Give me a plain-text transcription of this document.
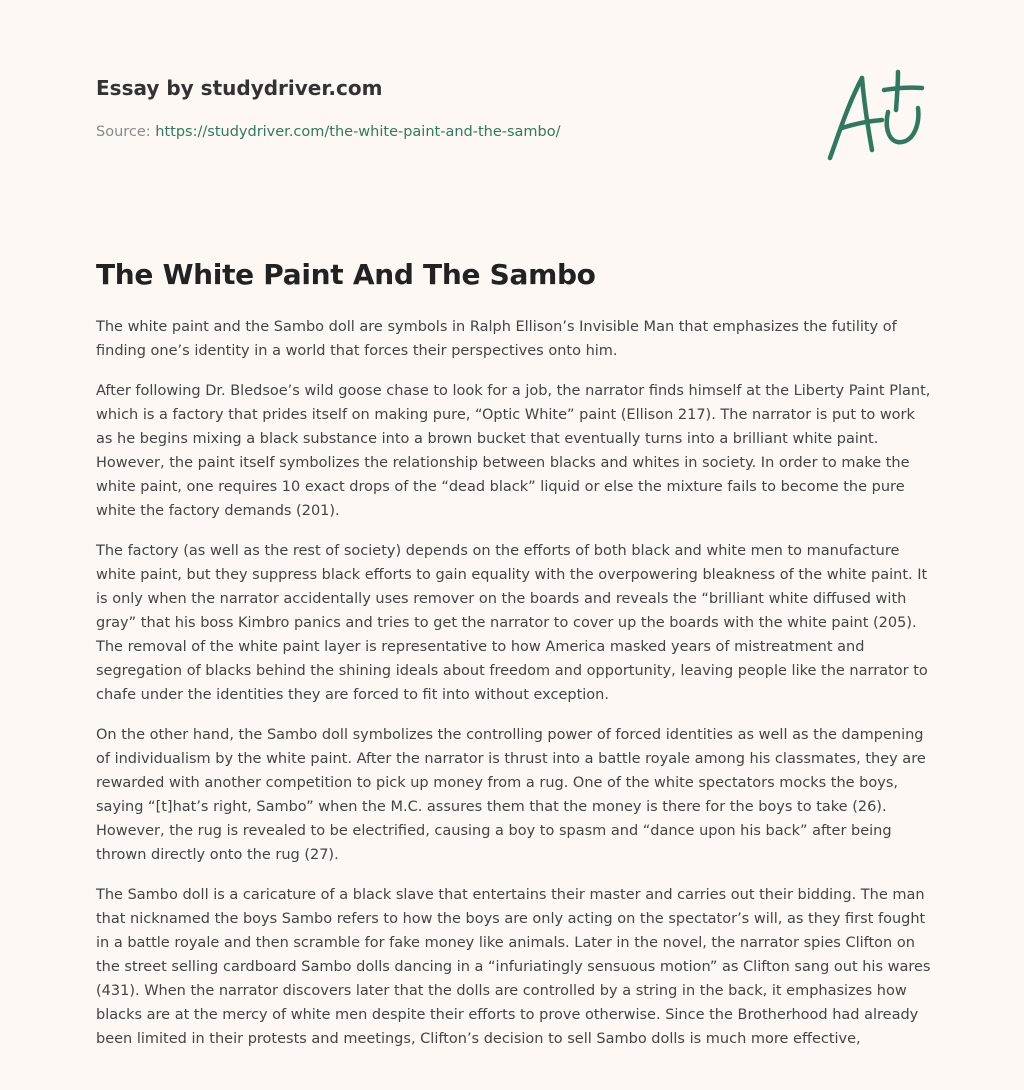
Essay by studydriver.com
Source: https://studydriver.com/the-white-paint-and-the-sambo/
The White Paint And The Sambo

The white paint and the Sambo doll are symbols in Ralph Ellison’s Invisible Man that emphasizes the futility of finding one’s identity in a world that forces their perspectives onto him.

After following Dr. Bledsoe’s wild goose chase to look for a job, the narrator finds himself at the Liberty Paint Plant, which is a factory that prides itself on making pure, “Optic White” paint (Ellison 217). The narrator is put to work as he begins mixing a black substance into a brown bucket that eventually turns into a brilliant white paint. However, the paint itself symbolizes the relationship between blacks and whites in society. In order to make the white paint, one requires 10 exact drops of the “dead black” liquid or else the mixture fails to become the pure white the factory demands (201).

The factory (as well as the rest of society) depends on the efforts of both black and white men to manufacture white paint, but they suppress black efforts to gain equality with the overpowering bleakness of the white paint. It is only when the narrator accidentally uses remover on the boards and reveals the “brilliant white diffused with gray” that his boss Kimbro panics and tries to get the narrator to cover up the boards with the white paint (205). The removal of the white paint layer is representative to how America masked years of mistreatment and segregation of blacks behind the shining ideals about freedom and opportunity, leaving people like the narrator to chafe under the identities they are forced to fit into without exception.

On the other hand, the Sambo doll symbolizes the controlling power of forced identities as well as the dampening of individualism by the white paint. After the narrator is thrust into a battle royale among his classmates, they are rewarded with another competition to pick up money from a rug. One of the white spectators mocks the boys, saying “[t]hat’s right, Sambo” when the M.C. assures them that the money is there for the boys to take (26). However, the rug is revealed to be electrified, causing a boy to spasm and “dance upon his back” after being thrown directly onto the rug (27).

The Sambo doll is a caricature of a black slave that entertains their master and carries out their bidding. The man that nicknamed the boys Sambo refers to how the boys are only acting on the spectator’s will, as they first fought in a battle royale and then scramble for fake money like animals. Later in the novel, the narrator spies Clifton on the street selling cardboard Sambo dolls dancing in a “infuriatingly sensuous motion” as Clifton sang out his wares (431). When the narrator discovers later that the dolls are controlled by a string in the back, it emphasizes how blacks are at the mercy of white men despite their efforts to prove otherwise. Since the Brotherhood had already been limited in their protests and meetings, Clifton’s decision to sell Sambo dolls is much more effective,
